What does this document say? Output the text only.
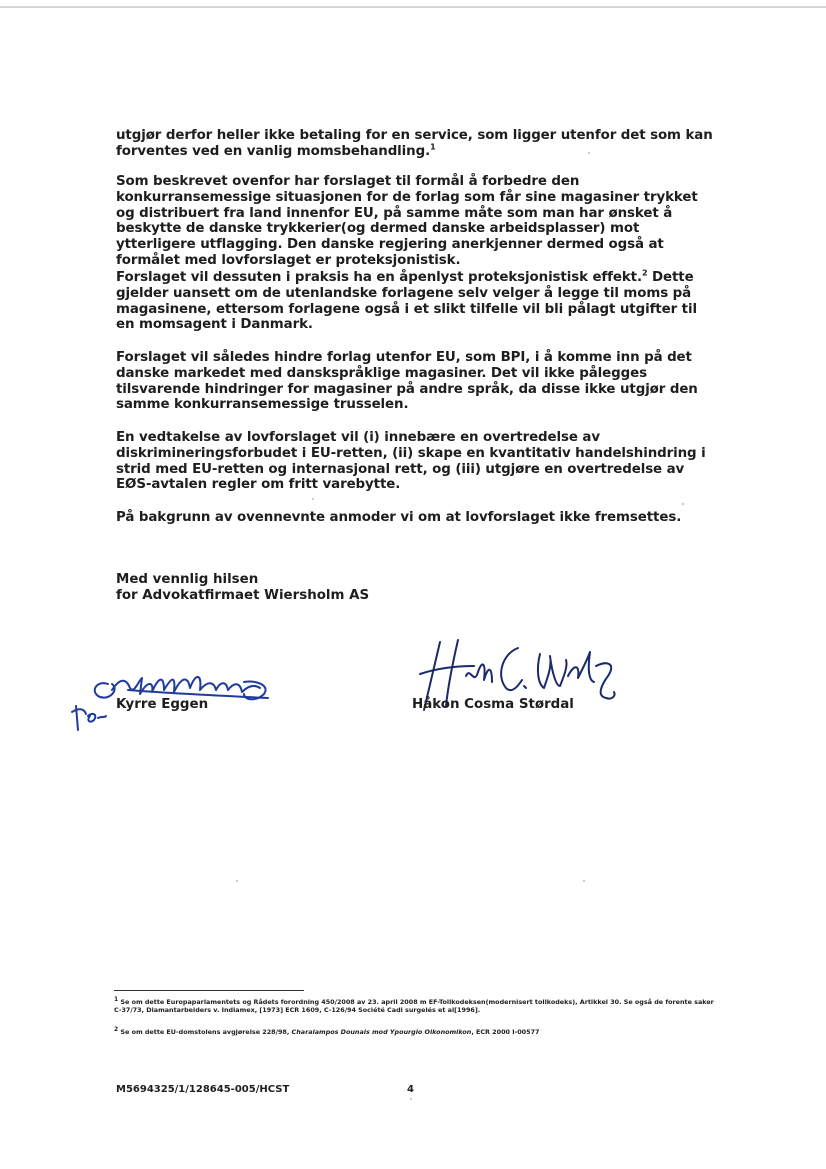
utgjør derfor heller ikke betaling for en service, som ligger utenfor det som kan forventes ved en vanlig momsbehandling.$^1$

Som beskrevet ovenfor har forslaget til formål å forbedre den konkurransemessige situasjonen for de forlag som får sine magasiner trykket og distribuert fra land innenfor EU, på samme måte som man har ønsket å beskytte de danske trykkerier(og dermed danske arbeidsplasser) mot ytterligere utflagging. Den danske regjering anerkjenner dermed også at formålet med lovforslaget er proteksjonistisk.

Forslaget vil dessuten i praksis ha en åpenlyst proteksjonistisk effekt.$^2$ Dette gjelder uansett om de utenlandske forlagene selv velger å legge til moms på magasinene, ettersom forlagene også i et slikt tilfelle vil bli pålagt utgifter til en momsagent i Danmark.

Forslaget vil således hindre forlag utenfor EU, som BPI, i å komme inn på det danske markedet med danskspråklige magasiner. Det vil ikke pålegges tilsvarende hindringer for magasiner på andre språk, da disse ikke utgjør den samme konkurransemessige trusselen.

En vedtakelse av lovforslaget vil (i) innebære en overtredelse av diskrimineringsforbudet i EU-retten, (ii) skape en kvantitativ handelshindring i strid med EU-retten og internasjonal rett, og (iii) utgjøre en overtredelse av EØS-avtalen regler om fritt varebytte.

På bakgrunn av ovennevnte anmoder vi om at lovforslaget ikke fremsettes.

Med vennlig hilsen
for Advokatfirmaet Wiersholm AS
Kyrre Eggen	Håkon Cosma Størdal

$^1$ Se om dette Europaparlamentets og Rådets forordning 450/2008 av 23. april 2008 m EF-Tollkodeksen(modernisert tollkodeks), Artikkel 30. Se også de forente saker C-37/73, Diamantarbeiders v. Indiamex, [1973] ECR 1609, C-126/94 Société Cadi surgelés et al[1996].

$^2$ Se om dette EU-domstolens avgjørelse 228/98, Charalampos Dounais mod Ypourgio Oikonomikon, ECR 2000 I-00577

M5694325/1/128645-005/HCST	4
